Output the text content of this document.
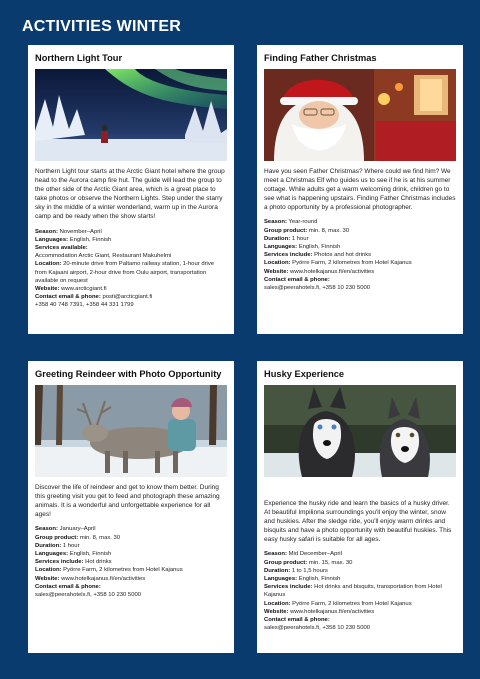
ACTIVITIES WINTER
Northern Light Tour
Northern Light tour starts at the Arctic Giant hotel where the group head to the Aurora camp fire hut. The guide will lead the group to the other side of the Arctic Giant area, which is a great place to take photos or observe the Northern Lights. Step under the starry sky in the middle of a winter wonderland, warm up in the Aurora camp and be ready when the show starts!
Season: November–April
Languages: English, Finnish
Services available:
Accommodation Arctic Giant, Restaurant Makuhelmi
Location: 20-minute drive from Paltamo railway station, 1-hour drive from Kajaani airport, 2-hour drive from Oulu airport, transportation available on request
Website: www.arcticgiant.fi
Contact email & phone: posti@arcticgiant.fi
+358 40 748 7391, +358 44 331 1799
Finding Father Christmas
Have you seen Father Christmas? Where could we find him? We meet a Christmas Elf who guides us to see if he is at his summer cottage. While adults get a warm welcoming drink, children go to see what is happening upstairs. Finding Father Christmas includes a photo opportunity by a professional photographer.
Season: Year-round
Group product: min. 8, max. 30
Duration: 1 hour
Languages: English, Finnish
Services include: Photos and hot drinks
Location: Pyörre Farm, 2 kilometres from Hotel Kajanus
Website: www.hotelkajanus.fi/en/activities
Contact email & phone:
sales@peerahotels.fi, +358 10 230 5000
Greeting Reindeer with Photo Opportunity
Discover the life of reindeer and get to know them better. During this greeting visit you get to feed and photograph these amazing animals. It is a wonderful and unforgettable experience for all ages!
Season: January–April
Group product: min. 8, max. 30
Duration: 1 hour
Languages: English, Finnish
Services include: Hot drinks
Location: Pyörre Farm, 2 kilometres from Hotel Kajanus
Website: www.hotelkajanus.fi/en/activities
Contact email & phone:
sales@peerahotels.fi, +358 10 230 5000
Husky Experience
Experience the husky ride and learn the basics of a husky driver. At beautiful Impilinna surroundings you'll enjoy the winter, snow and huskies. After the sledge ride, you'll enjoy warm drinks and bisquits and have a photo opportunity with beautiful huskies. This easy husky safari is suitable for all ages.
Season: Mid December–April
Group product: min. 15, max. 30
Duration: 1 to 1,5 hours
Languages: English, Finnish
Services include: Hot drinks and bisquits, transportation from Hotel Kajanus
Location: Pyörre Farm, 2 kilometres from Hotel Kajanus
Website: www.hotelkajanus.fi/en/activities
Contact email & phone:
sales@peerahotels.fi, +358 10 230 5000
